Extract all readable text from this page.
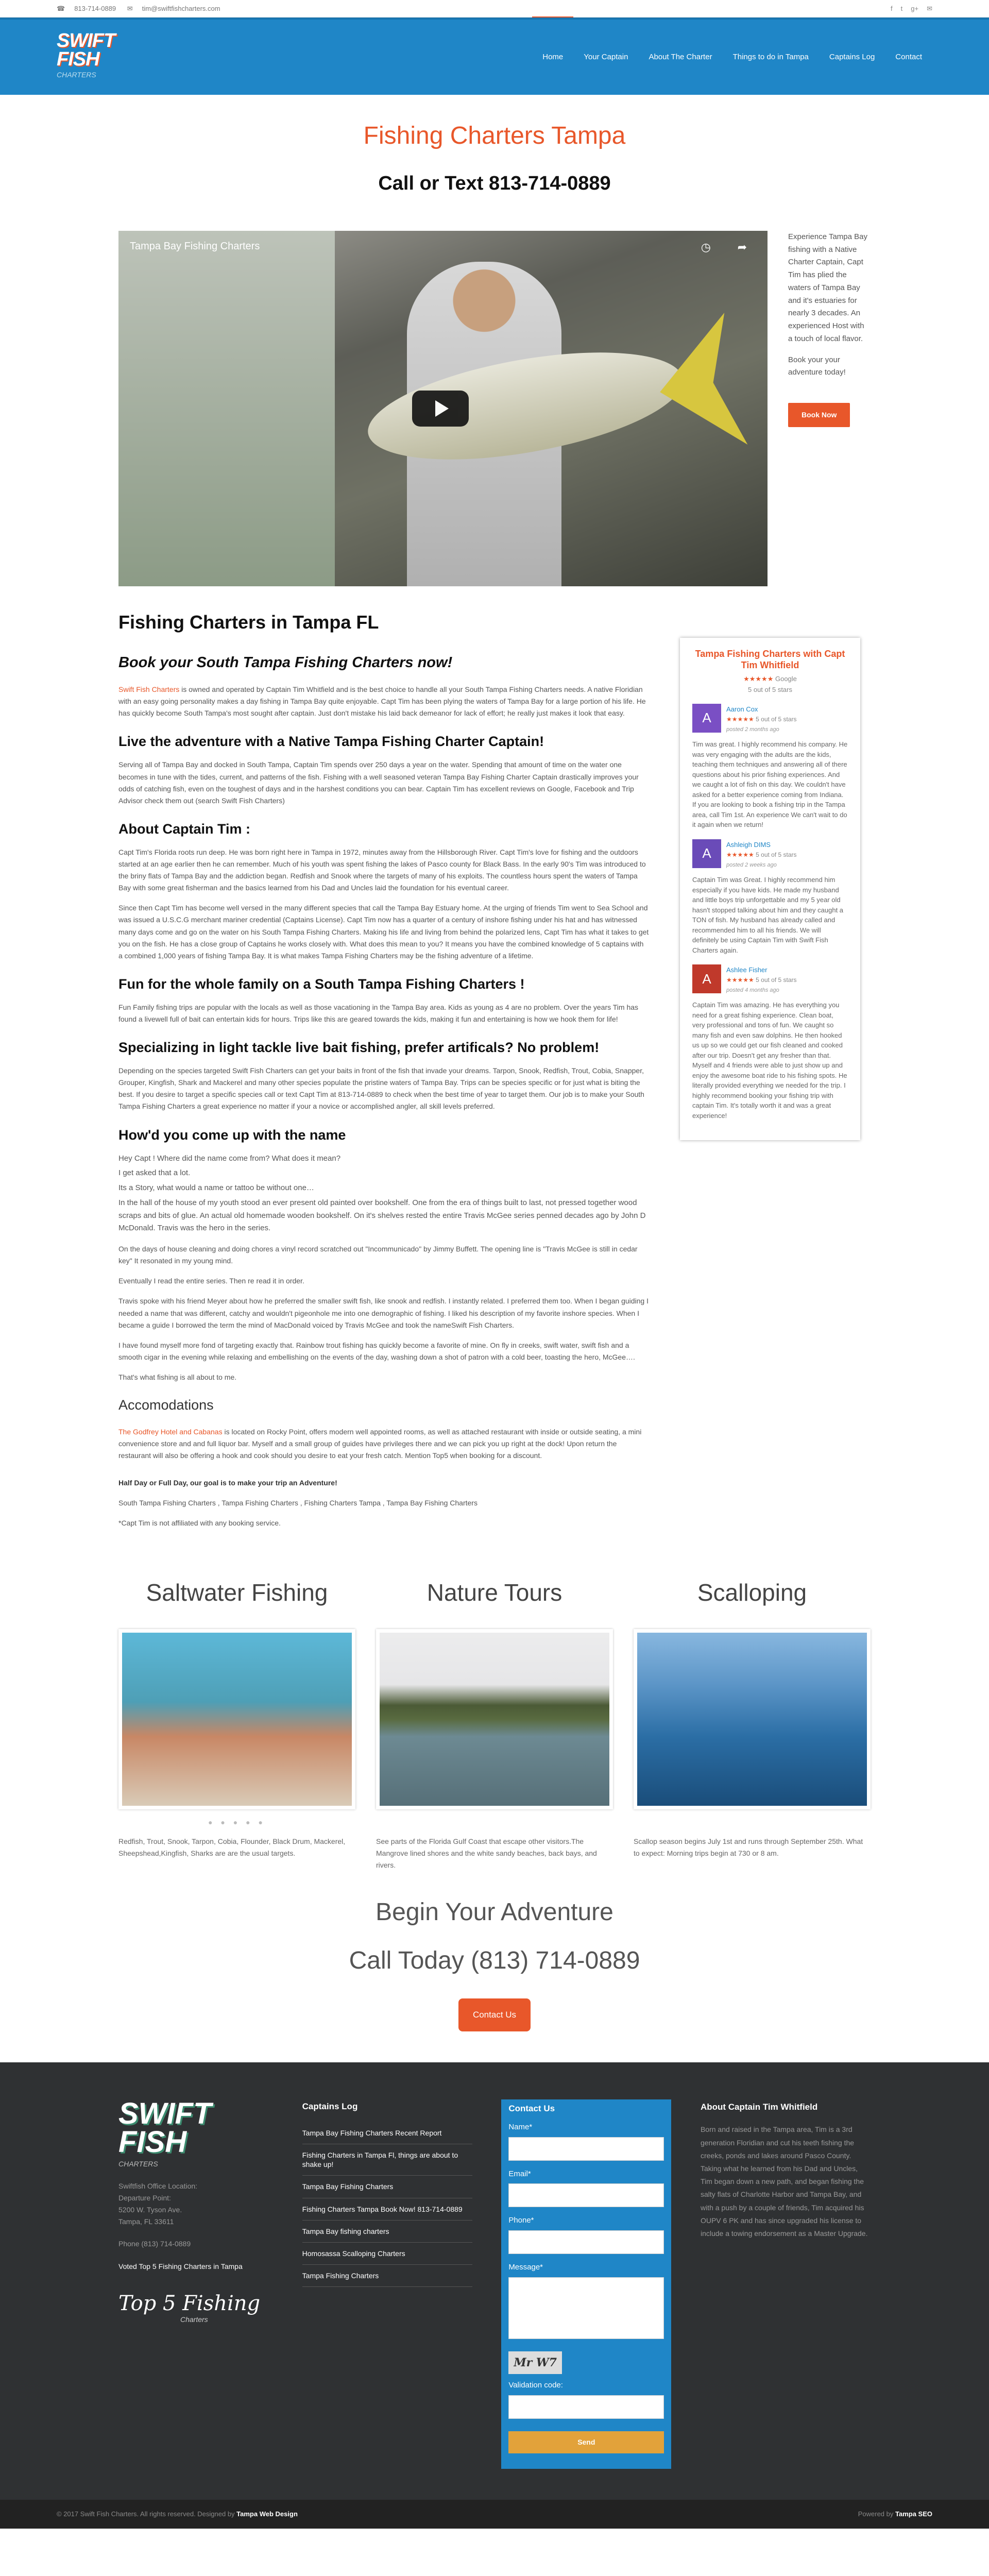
☎ 813-714-0889 ✉ tim@swiftfishcharters.com	f t g+ ✉
SWIFT
FISH
CHARTERS
Home	Your Captain	About The Charter	Things to do in Tampa	Captains Log	Contact
Fishing Charters Tampa
Call or Text 813-714-0889
Tampa Bay Fishing Charters	◷ ➦

Experience Tampa Bay fishing with a Native Charter Captain, Capt Tim has plied the waters of Tampa Bay and it's estuaries for nearly 3 decades. An experienced Host with a touch of local flavor.

Book your your adventure today!

Book Now
Fishing Charters in Tampa FL
Book your South Tampa Fishing Charters now!

Swift Fish Charters is owned and operated by Captain Tim Whitfield and is the best choice to handle all your South Tampa Fishing Charters needs. A native Floridian with an easy going personality makes a day fishing in Tampa Bay quite enjoyable. Capt Tim has been plying the waters of Tampa Bay for a large portion of his life. He has quickly become South Tampa's most sought after captain. Just don't mistake his laid back demeanor for lack of effort; he really just makes it look that easy.

Live the adventure with a Native Tampa Fishing Charter Captain!

Serving all of Tampa Bay and docked in South Tampa, Captain Tim spends over 250 days a year on the water. Spending that amount of time on the water one becomes in tune with the tides, current, and patterns of the fish. Fishing with a well seasoned veteran Tampa Bay Fishing Charter Captain drastically improves your odds of catching fish, even on the toughest of days and in the harshest conditions you can bear. Captain Tim has excellent reviews on Google, Facebook and Trip Advisor check them out (search Swift Fish Charters)

About Captain Tim :

Capt Tim's Florida roots run deep. He was born right here in Tampa in 1972, minutes away from the Hillsborough River. Capt Tim's love for fishing and the outdoors started at an age earlier then he can remember. Much of his youth was spent fishing the lakes of Pasco county for Black Bass. In the early 90's Tim was introduced to the briny flats of Tampa Bay and the addiction began. Redfish and Snook where the targets of many of his exploits. The countless hours spent the waters of Tampa Bay with some great fisherman and the basics learned from his Dad and Uncles laid the foundation for his eventual career.

Since then Capt Tim has become well versed in the many different species that call the Tampa Bay Estuary home. At the urging of friends Tim went to Sea School and was issued a U.S.C.G merchant mariner credential (Captains License). Capt Tim now has a quarter of a century of inshore fishing under his hat and has witnessed many days come and go on the water on his South Tampa Fishing Charters. Making his life and living from behind the polarized lens, Capt Tim has what it takes to get you on the fish. He has a close group of Captains he works closely with. What does this mean to you? It means you have the combined knowledge of 5 captains with a combined 1,000 years of fishing Tampa Bay. It is what makes Tampa Fishing Charters may be the fishing adventure of a lifetime.

Fun for the whole family on a South Tampa Fishing Charters !

Fun Family fishing trips are popular with the locals as well as those vacationing in the Tampa Bay area. Kids as young as 4 are no problem. Over the years Tim has found a livewell full of bait can entertain kids for hours. Trips like this are geared towards the kids, making it fun and entertaining is how we hook them for life!

Specializing in light tackle live bait fishing, prefer artificals? No problem!

Depending on the species targeted Swift Fish Charters can get your baits in front of the fish that invade your dreams. Tarpon, Snook, Redfish, Trout, Cobia, Snapper, Grouper, Kingfish, Shark and Mackerel and many other species populate the pristine waters of Tampa Bay. Trips can be species specific or for just what is biting the best. If you desire to target a specific species call or text Capt Tim at 813-714-0889 to check when the best time of year to target them. Our job is to make your South Tampa Fishing Charters a great experience no matter if your a novice or accomplished angler, all skill levels preferred.

How'd you come up with the name

Hey Capt ! Where did the name come from? What does it mean?

I get asked that a lot.

Its a Story, what would a name or tattoo be without one…

In the hall of the house of my youth stood an ever present old painted over bookshelf. One from the era of things built to last, not pressed together wood scraps and bits of glue. An actual old homemade wooden bookshelf. On it's shelves rested the entire Travis McGee series penned decades ago by John D McDonald. Travis was the hero in the series.

On the days of house cleaning and doing chores a vinyl record scratched out "Incommunicado" by Jimmy Buffett. The opening line is "Travis McGee is still in cedar key" It resonated in my young mind.

Eventually I read the entire series. Then re read it in order.

Travis spoke with his friend Meyer about how he preferred the smaller swift fish, like snook and redfish. I instantly related. I preferred them too. When I began guiding I needed a name that was different, catchy and wouldn't pigeonhole me into one demographic of fishing. I liked his description of my favorite inshore species. When I became a guide I borrowed the term the mind of MacDonald voiced by Travis McGee and took the nameSwift Fish Charters.

I have found myself more fond of targeting exactly that. Rainbow trout fishing has quickly become a favorite of mine. On fly in creeks, swift water, swift fish and a smooth cigar in the evening while relaxing and embellishing on the events of the day, washing down a shot of patron with a cold beer, toasting the hero, McGee….

That's what fishing is all about to me.

Accomodations

The Godfrey Hotel and Cabanas is located on Rocky Point, offers modern well appointed rooms, as well as attached restaurant with inside or outside seating, a mini convenience store and and full liquor bar. Myself and a small group of guides have privileges there and we can pick you up right at the dock! Upon return the restaurant will also be offering a hook and cook should you desire to eat your fresh catch. Mention Top5 when booking for a discount.

Half Day or Full Day, our goal is to make your trip an Adventure!

South Tampa Fishing Charters , Tampa Fishing Charters , Fishing Charters Tampa , Tampa Bay Fishing Charters

*Capt Tim is not affiliated with any booking service.

Tampa Fishing Charters with Capt Tim Whitfield
★★★★★ Google
5 out of 5 stars
A
Aaron Cox
★★★★★ 5 out of 5 stars
posted 2 months ago
Tim was great. I highly recommend his company. He was very engaging with the adults are the kids, teaching them techniques and answering all of there questions about his prior fishing experiences. And we caught a lot of fish on this day. We couldn't have asked for a better experience coming from Indiana. If you are looking to book a fishing trip in the Tampa area, call Tim 1st. An experience We can't wait to do it again when we return!
A
Ashleigh DIMS
★★★★★ 5 out of 5 stars
posted 2 weeks ago
Captain Tim was Great. I highly recommend him especially if you have kids. He made my husband and little boys trip unforgettable and my 5 year old hasn't stopped talking about him and they caught a TON of fish. My husband has already called and recommended him to all his friends. We will definitely be using Captain Tim with Swift Fish Charters again.
A
Ashlee Fisher
★★★★★ 5 out of 5 stars
posted 4 months ago
Captain Tim was amazing. He has everything you need for a great fishing experience. Clean boat, very professional and tons of fun. We caught so many fish and even saw dolphins. He then hooked us up so we could get our fish cleaned and cooked after our trip. Doesn't get any fresher than that. Myself and 4 friends were able to just show up and enjoy the awesome boat ride to his fishing spots. He literally provided everything we needed for the trip. I highly recommend booking your fishing trip with captain Tim. It's totally worth it and was a great experience!
Saltwater Fishing
● ● ● ● ●

Redfish, Trout, Snook, Tarpon, Cobia, Flounder, Black Drum, Mackerel, Sheepshead,Kingfish, Sharks are are the usual targets.

Nature Tours

See parts of the Florida Gulf Coast that escape other visitors.The Mangrove lined shores and the white sandy beaches, back bays, and rivers.

Scalloping

Scallop season begins July 1st and runs through September 25th. What to expect: Morning trips begin at 730 or 8 am.

Begin Your Adventure
Call Today (813) 714-0889
Contact Us
SWIFT
FISH
CHARTERS
Swiftfish Office Location:
Departure Point:
5200 W. Tyson Ave.
Tampa, FL 33611
Phone (813) 714-0889
Voted Top 5 Fishing Charters in Tampa
Top 5 Fishing
Charters
Captains Log
Tampa Bay Fishing Charters Recent Report
Fishing Charters in Tampa Fl, things are about to shake up!
Tampa Bay Fishing Charters
Fishing Charters Tampa Book Now! 813-714-0889
Tampa Bay fishing charters
Homosassa Scalloping Charters
Tampa Fishing Charters
Contact Us
Name*
Email*
Phone*
Message*
Mr W7
Validation code:
Send
About Captain Tim Whitfield

Born and raised in the Tampa area, Tim is a 3rd generation Floridian and cut his teeth fishing the creeks, ponds and lakes around Pasco County. Taking what he learned from his Dad and Uncles, Tim began down a new path, and began fishing the salty flats of Charlotte Harbor and Tampa Bay, and with a push by a couple of friends, Tim acquired his OUPV 6 PK and has since upgraded his license to include a towing endorsement as a Master Upgrade.

© 2017 Swift Fish Charters. All rights reserved. Designed by Tampa Web Design	Powered by Tampa SEO
